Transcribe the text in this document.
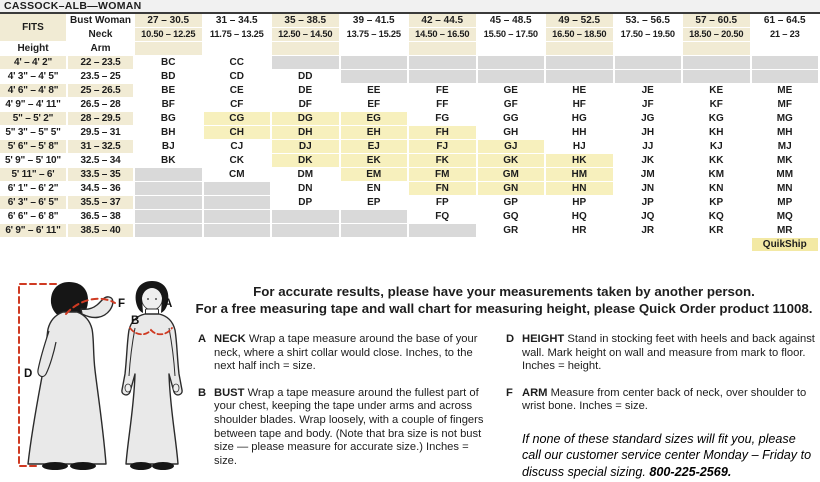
CASSOCK–ALB—WOMAN
FITS	Bust Woman	27 – 30.5	31 – 34.5	35 – 38.5	39 – 41.5	42 – 44.5	45 – 48.5	49 – 52.5	53. – 56.5	57 – 60.5	61 – 64.5
	Neck	10.50 – 12.25	11.75 – 13.25	12.50 – 14.50	13.75 – 15.25	14.50 – 16.50	15.50 – 17.50	16.50 – 18.50	17.50 – 19.50	18.50 – 20.50	21 – 23
Height	Arm										
4' – 4' 2"	22 – 23.5	BC	CC								
4' 3" – 4' 5"	23.5 – 25	BD	CD	DD							
4' 6" – 4' 8"	25 – 26.5	BE	CE	DE	EE	FE	GE	HE	JE	KE	ME
4' 9" – 4' 11"	26.5 – 28	BF	CF	DF	EF	FF	GF	HF	JF	KF	MF
5" – 5' 2"	28 – 29.5	BG	CG	DG	EG	FG	GG	HG	JG	KG	MG
5" 3" – 5" 5"	29.5 – 31	BH	CH	DH	EH	FH	GH	HH	JH	KH	MH
5' 6" – 5' 8"	31 – 32.5	BJ	CJ	DJ	EJ	FJ	GJ	HJ	JJ	KJ	MJ
5' 9" – 5' 10"	32.5 – 34	BK	CK	DK	EK	FK	GK	HK	JK	KK	MK
5' 11" – 6'	33.5 – 35		CM	DM	EM	FM	GM	HM	JM	KM	MM
6' 1" – 6' 2"	34.5 – 36			DN	EN	FN	GN	HN	JN	KN	MN
6' 3" – 6' 5"	35.5 – 37			DP	EP	FP	GP	HP	JP	KP	MP
6' 6" – 6' 8"	36.5 – 38					FQ	GQ	HQ	JQ	KQ	MQ
6' 9" – 6' 11"	38.5 – 40						GR	HR	JR	KR	MR
											QuikShip
D
F	A
B
For accurate results, please have your measurements taken by another person.
For a free measuring tape and wall chart for measuring height, please Quick Order product 11008.
A NECK Wrap a tape measure around the base of your neck, where a shirt collar would close. Inches, to the next half inch = size.

B BUST Wrap a tape measure around the fullest part of your chest, keeping the tape under arms and across shoulder blades. Wrap loosely, with a couple of fingers between tape and body. (Note that bra size is not bust size — please measure for accurate size.) Inches = size.

D HEIGHT Stand in stocking feet with heels and back against wall. Mark height on wall and measure from mark to floor. Inches = height.

F ARM Measure from center back of neck, over shoulder to wrist bone. Inches = size.

If none of these standard sizes will fit you, please call our customer service center Monday – Friday to discuss special sizing. 800-225-2569.
